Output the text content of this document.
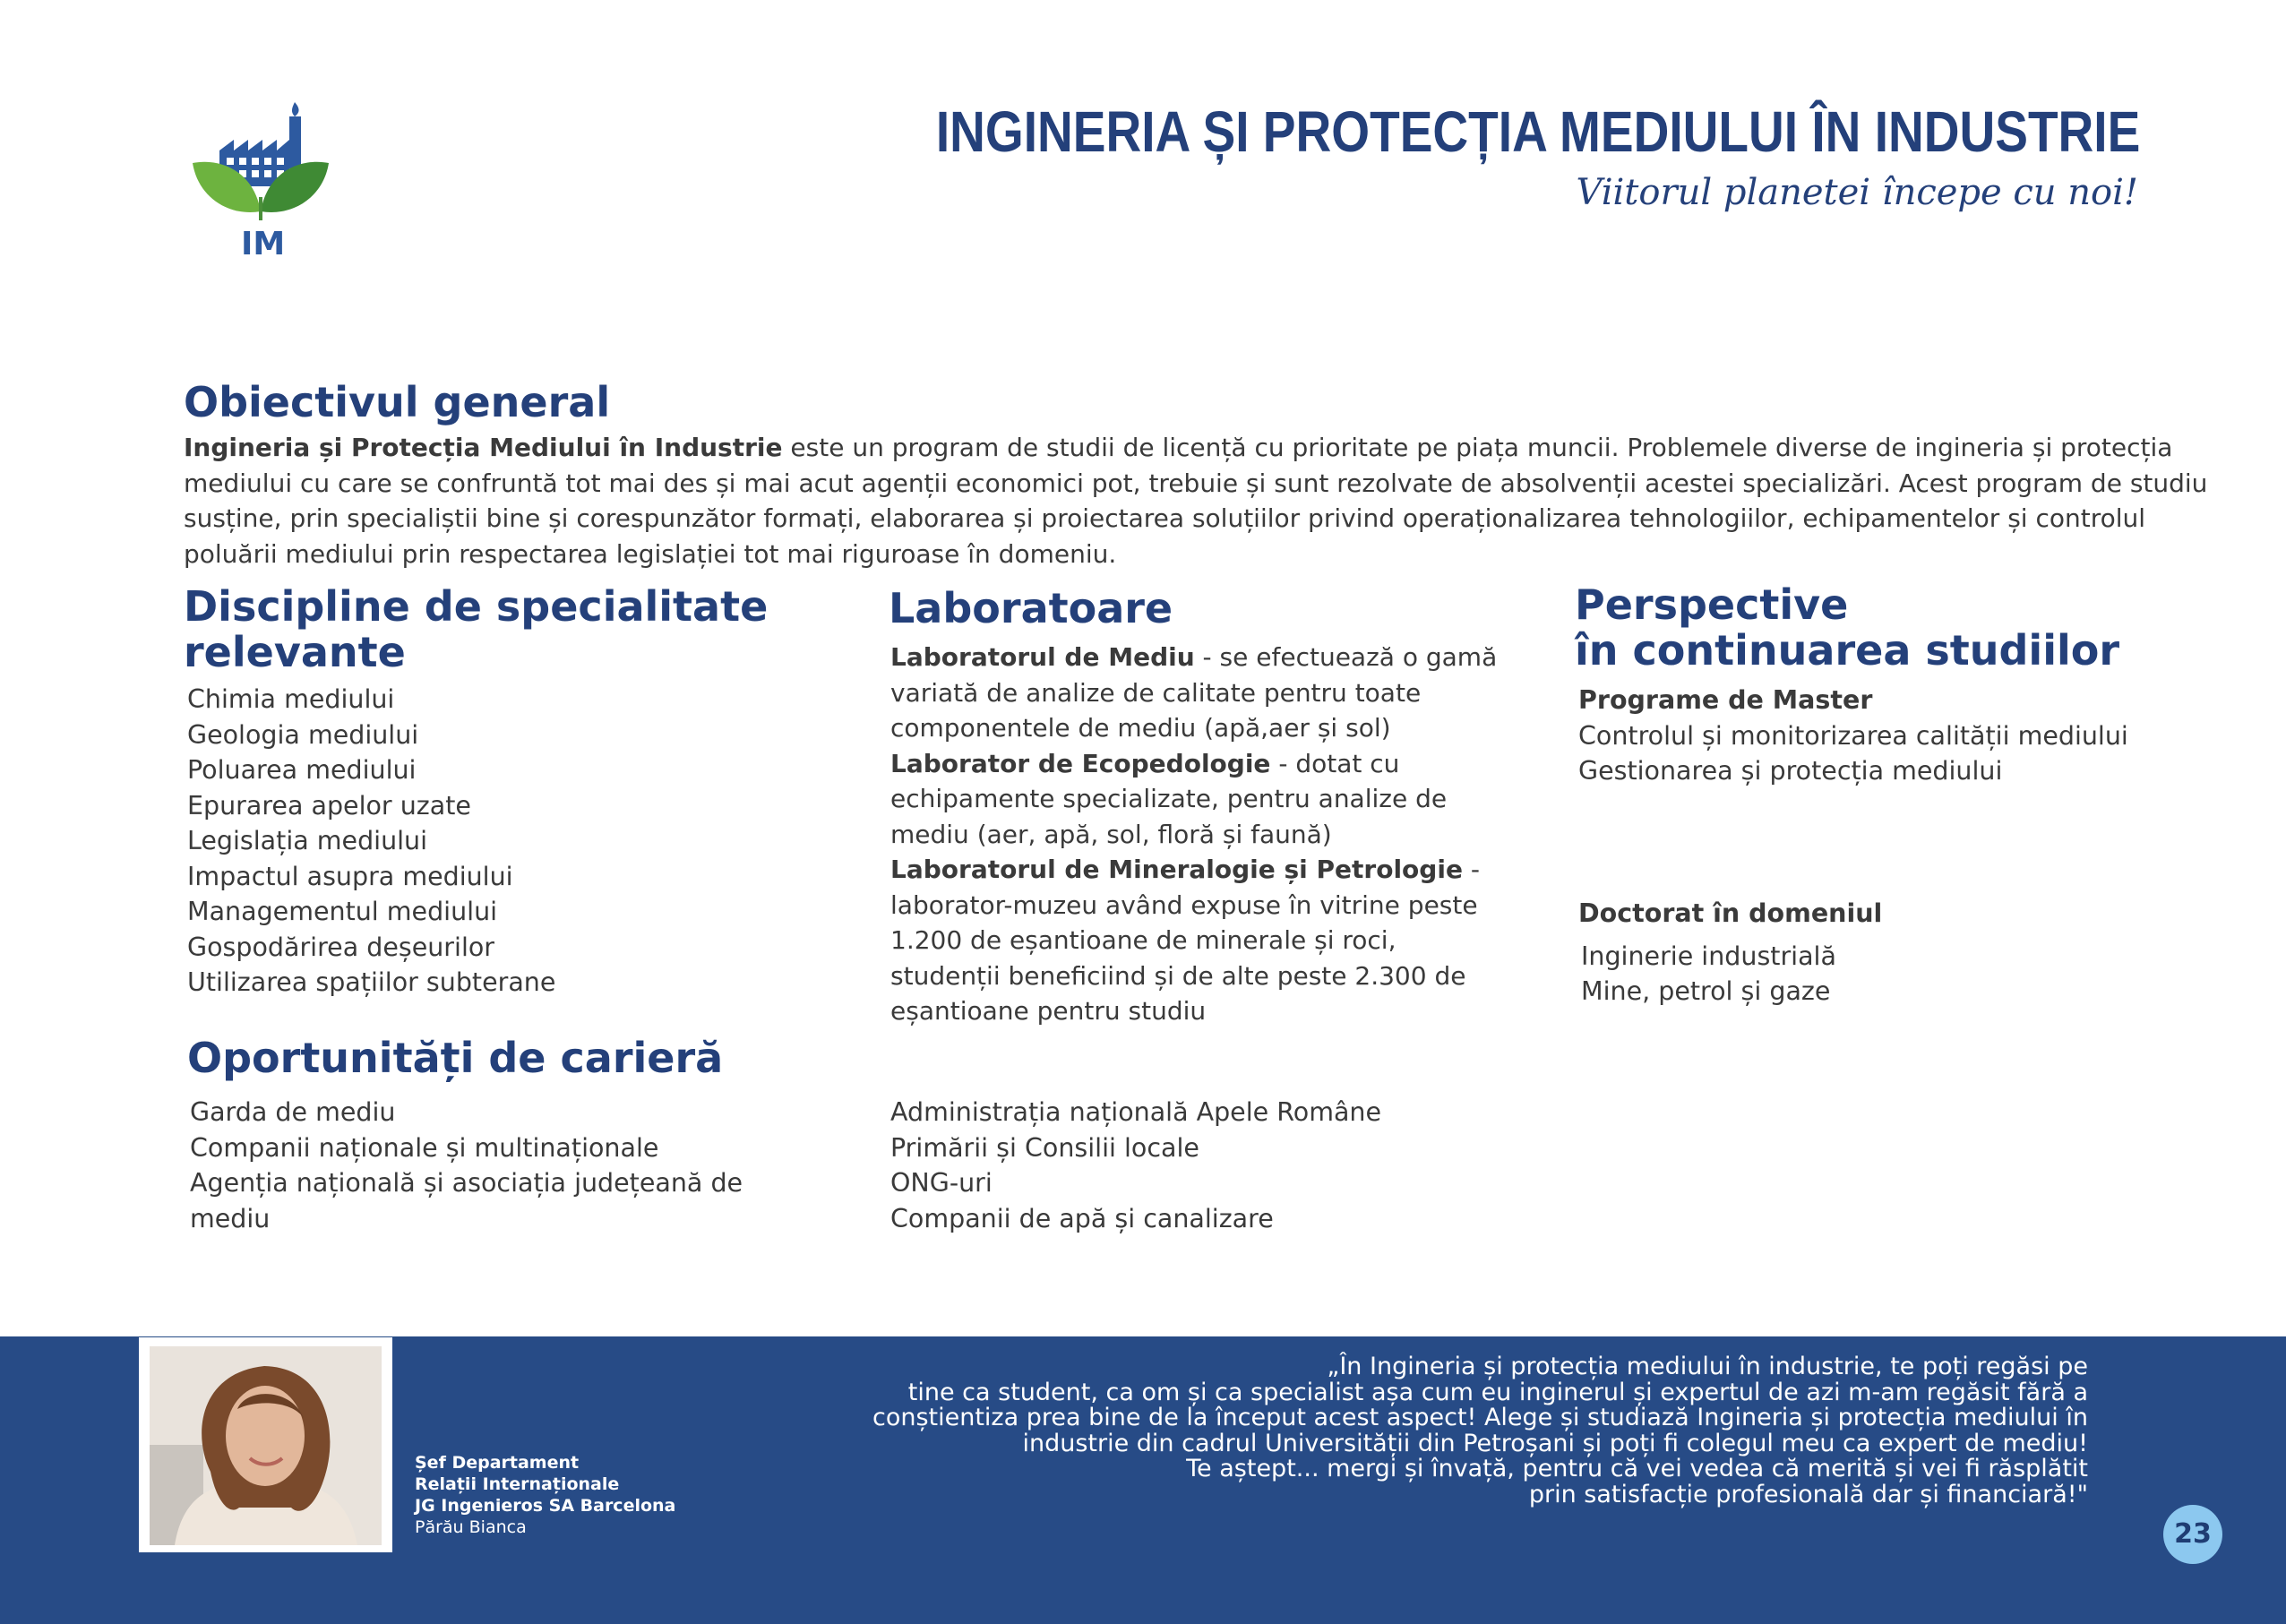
IM
INGINERIA ȘI PROTECȚIA MEDIULUI ÎN INDUSTRIE
Viitorul planetei începe cu noi!
Obiectivul general
Ingineria și Protecția Mediului în Industrie este un program de studii de licență cu prioritate pe piața muncii. Problemele diverse de ingineria și protecția mediului cu care se confruntă tot mai des și mai acut agenții economici pot, trebuie și sunt rezolvate de absolvenții acestei specializări. Acest program de studiu susține, prin specialiștii bine și corespunzător formați, elaborarea și proiectarea soluțiilor privind operaționalizarea tehnologiilor, echipamentelor și controlul poluării mediului prin respectarea legislației tot mai riguroase în domeniu.
Discipline de specialitate
relevante
Chimia mediului
Geologia mediului
Poluarea mediului
Epurarea apelor uzate
Legislația mediului
Impactul asupra mediului
Managementul mediului
Gospodărirea deșeurilor
Utilizarea spațiilor subterane
Laboratoare

Laboratorul de Mediu - se efectuează o gamă
variată de analize de calitate pentru toate
componentele de mediu (apă,aer și sol)

Laborator de Ecopedologie - dotat cu
echipamente specializate, pentru analize de
mediu (aer, apă, sol, floră și faună)

Laboratorul de Mineralogie și Petrologie -
laborator-muzeu având expuse în vitrine peste
1.200 de eșantioane de minerale și roci,
studenții beneficiind și de alte peste 2.300 de
eșantioane pentru studiu

Perspective
în continuarea studiilor
Programe de Master
Controlul și monitorizarea calității mediului
Gestionarea și protecția mediului
Doctorat în domeniul
Inginerie industrială
Mine, petrol și gaze
Oportunități de carieră
Garda de mediu
Companii naționale și multinaționale
Agenția națională și asociația județeană de
mediu
Administrația națională Apele Române
Primării și Consilii locale
ONG-uri
Companii de apă și canalizare
„În Ingineria și protecția mediului în industrie, te poți regăsi pe
tine ca student, ca om și ca specialist așa cum eu inginerul și expertul de azi m-am regăsit fără a
conștientiza prea bine de la început acest aspect! Alege și studiază Ingineria și protecția mediului în
industrie din cadrul Universității din Petroșani și poți fi colegul meu ca expert de mediu!
Te aștept... mergi și învață, pentru că vei vedea că merită și vei fi răsplătit
prin satisfacție profesională dar și financiară!"
Șef Departament
Relații Internaționale
JG Ingenieros SA Barcelona
Părău Bianca	23
